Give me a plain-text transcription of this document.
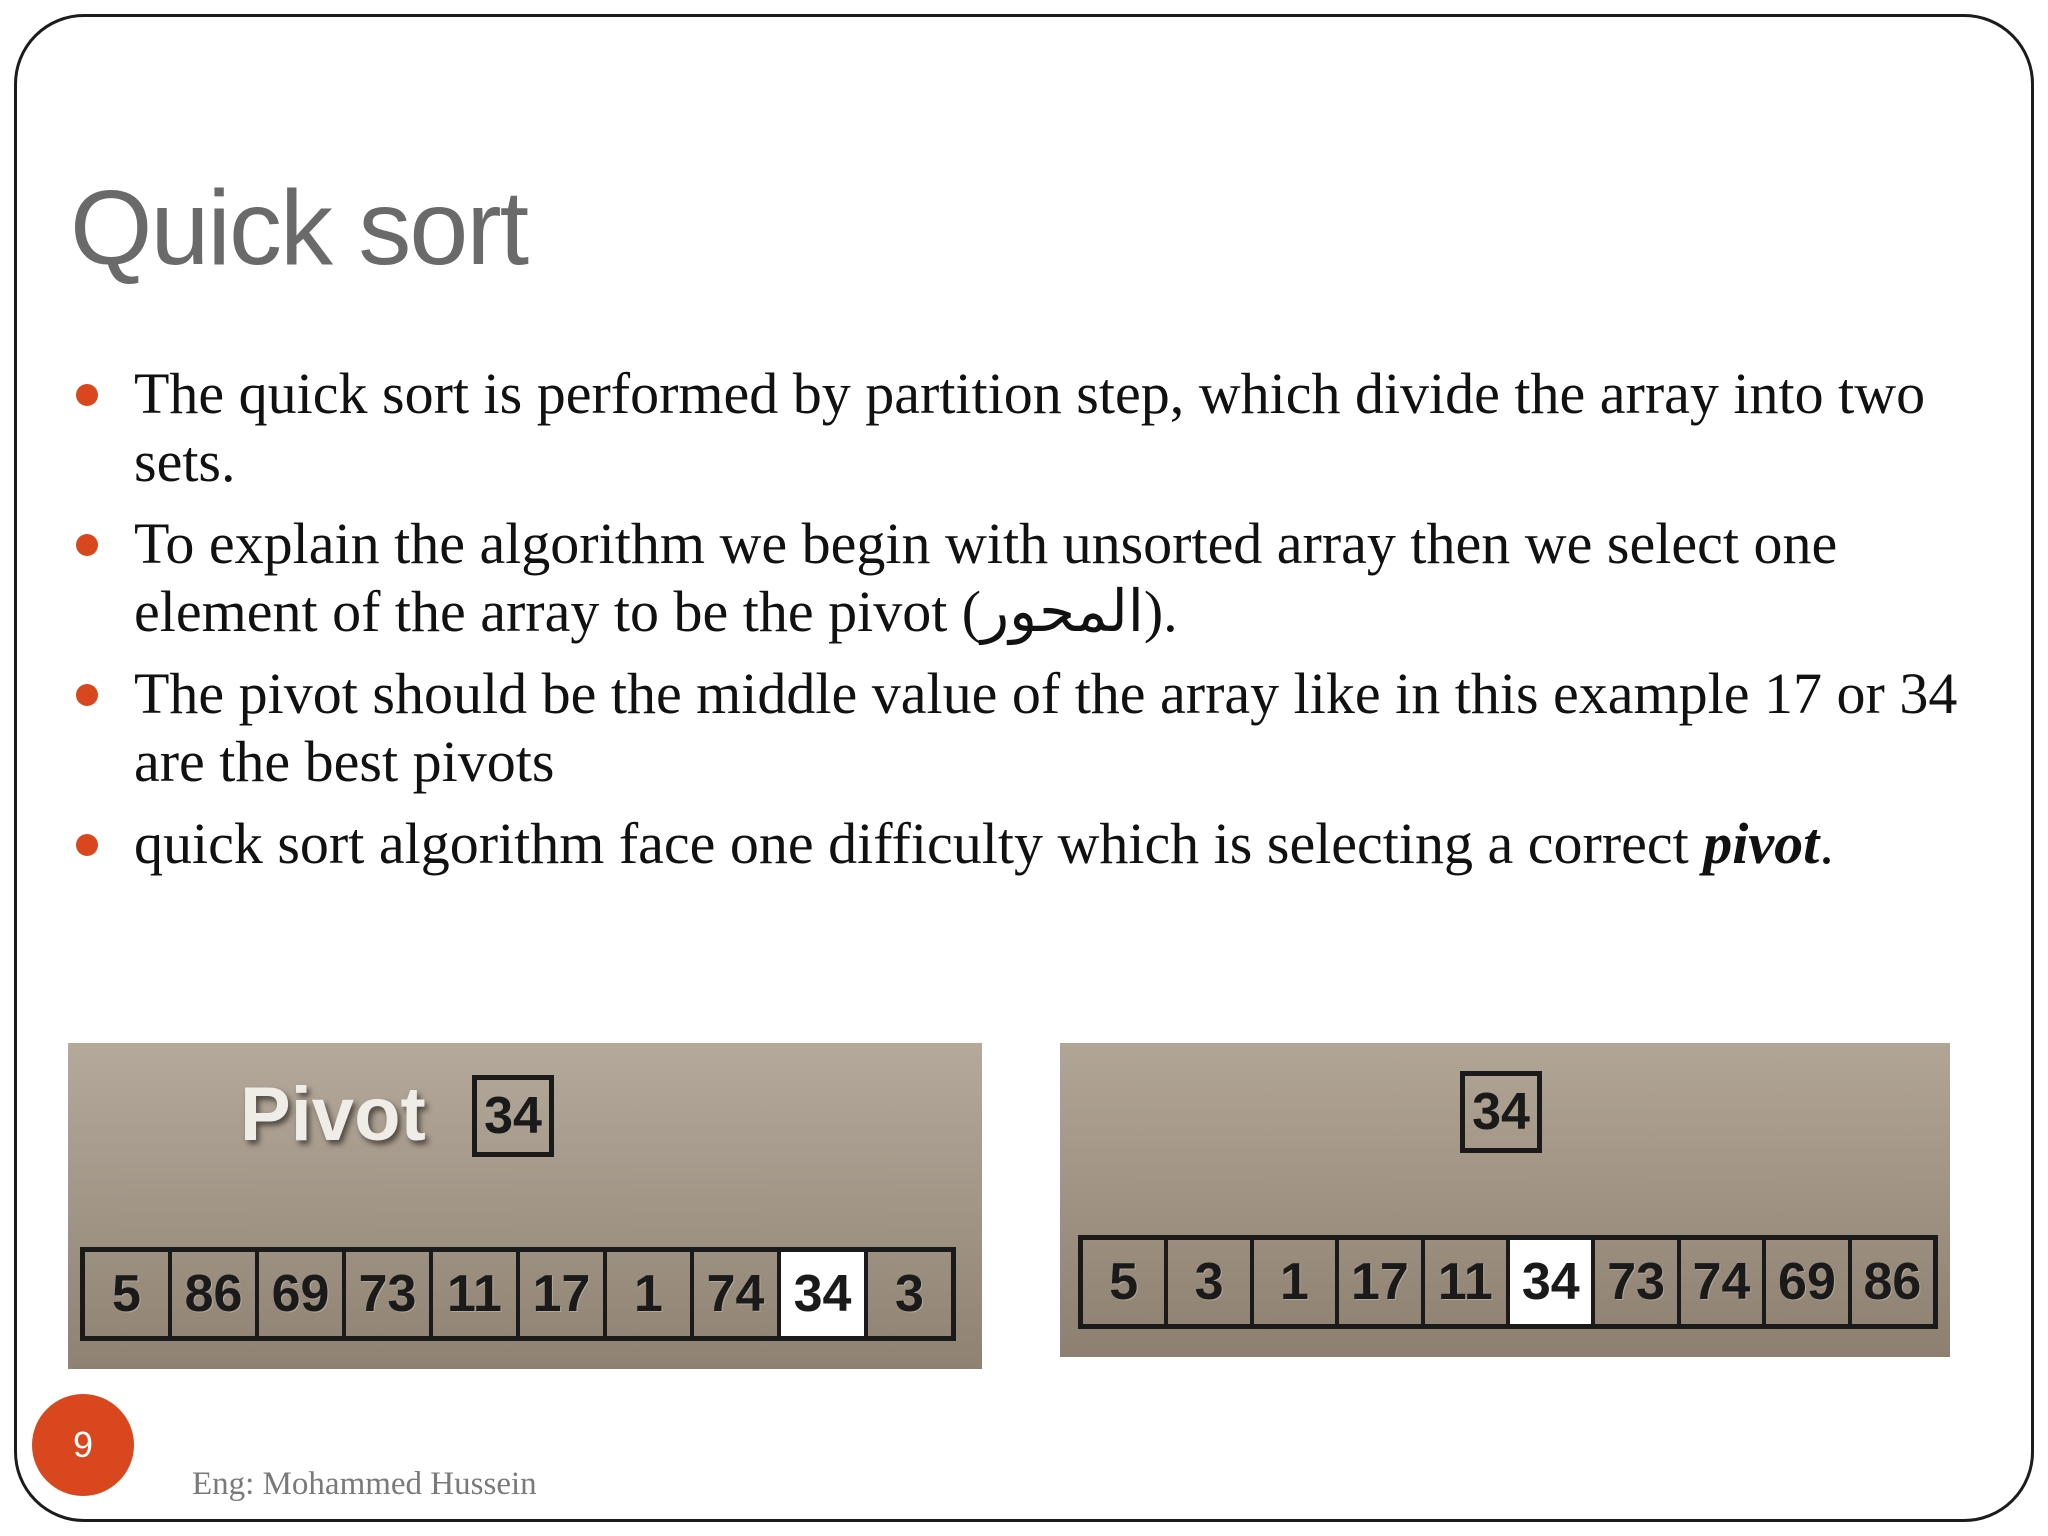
Quick sort
The quick sort is performed by partition step, which divide the array into two sets.
To explain the algorithm we begin with unsorted array then we select one element of the array to be the pivot (المحور).
The pivot should be the middle value of the array like in this example 17 or 34 are the best pivots
quick sort algorithm face one difficulty which is selecting a correct pivot.
Pivot 34
5 86 69 73 11 17 1 74 34 3
34
5	3	1 17 11 34 73 74 69 86
9
Eng: Mohammed Hussein
